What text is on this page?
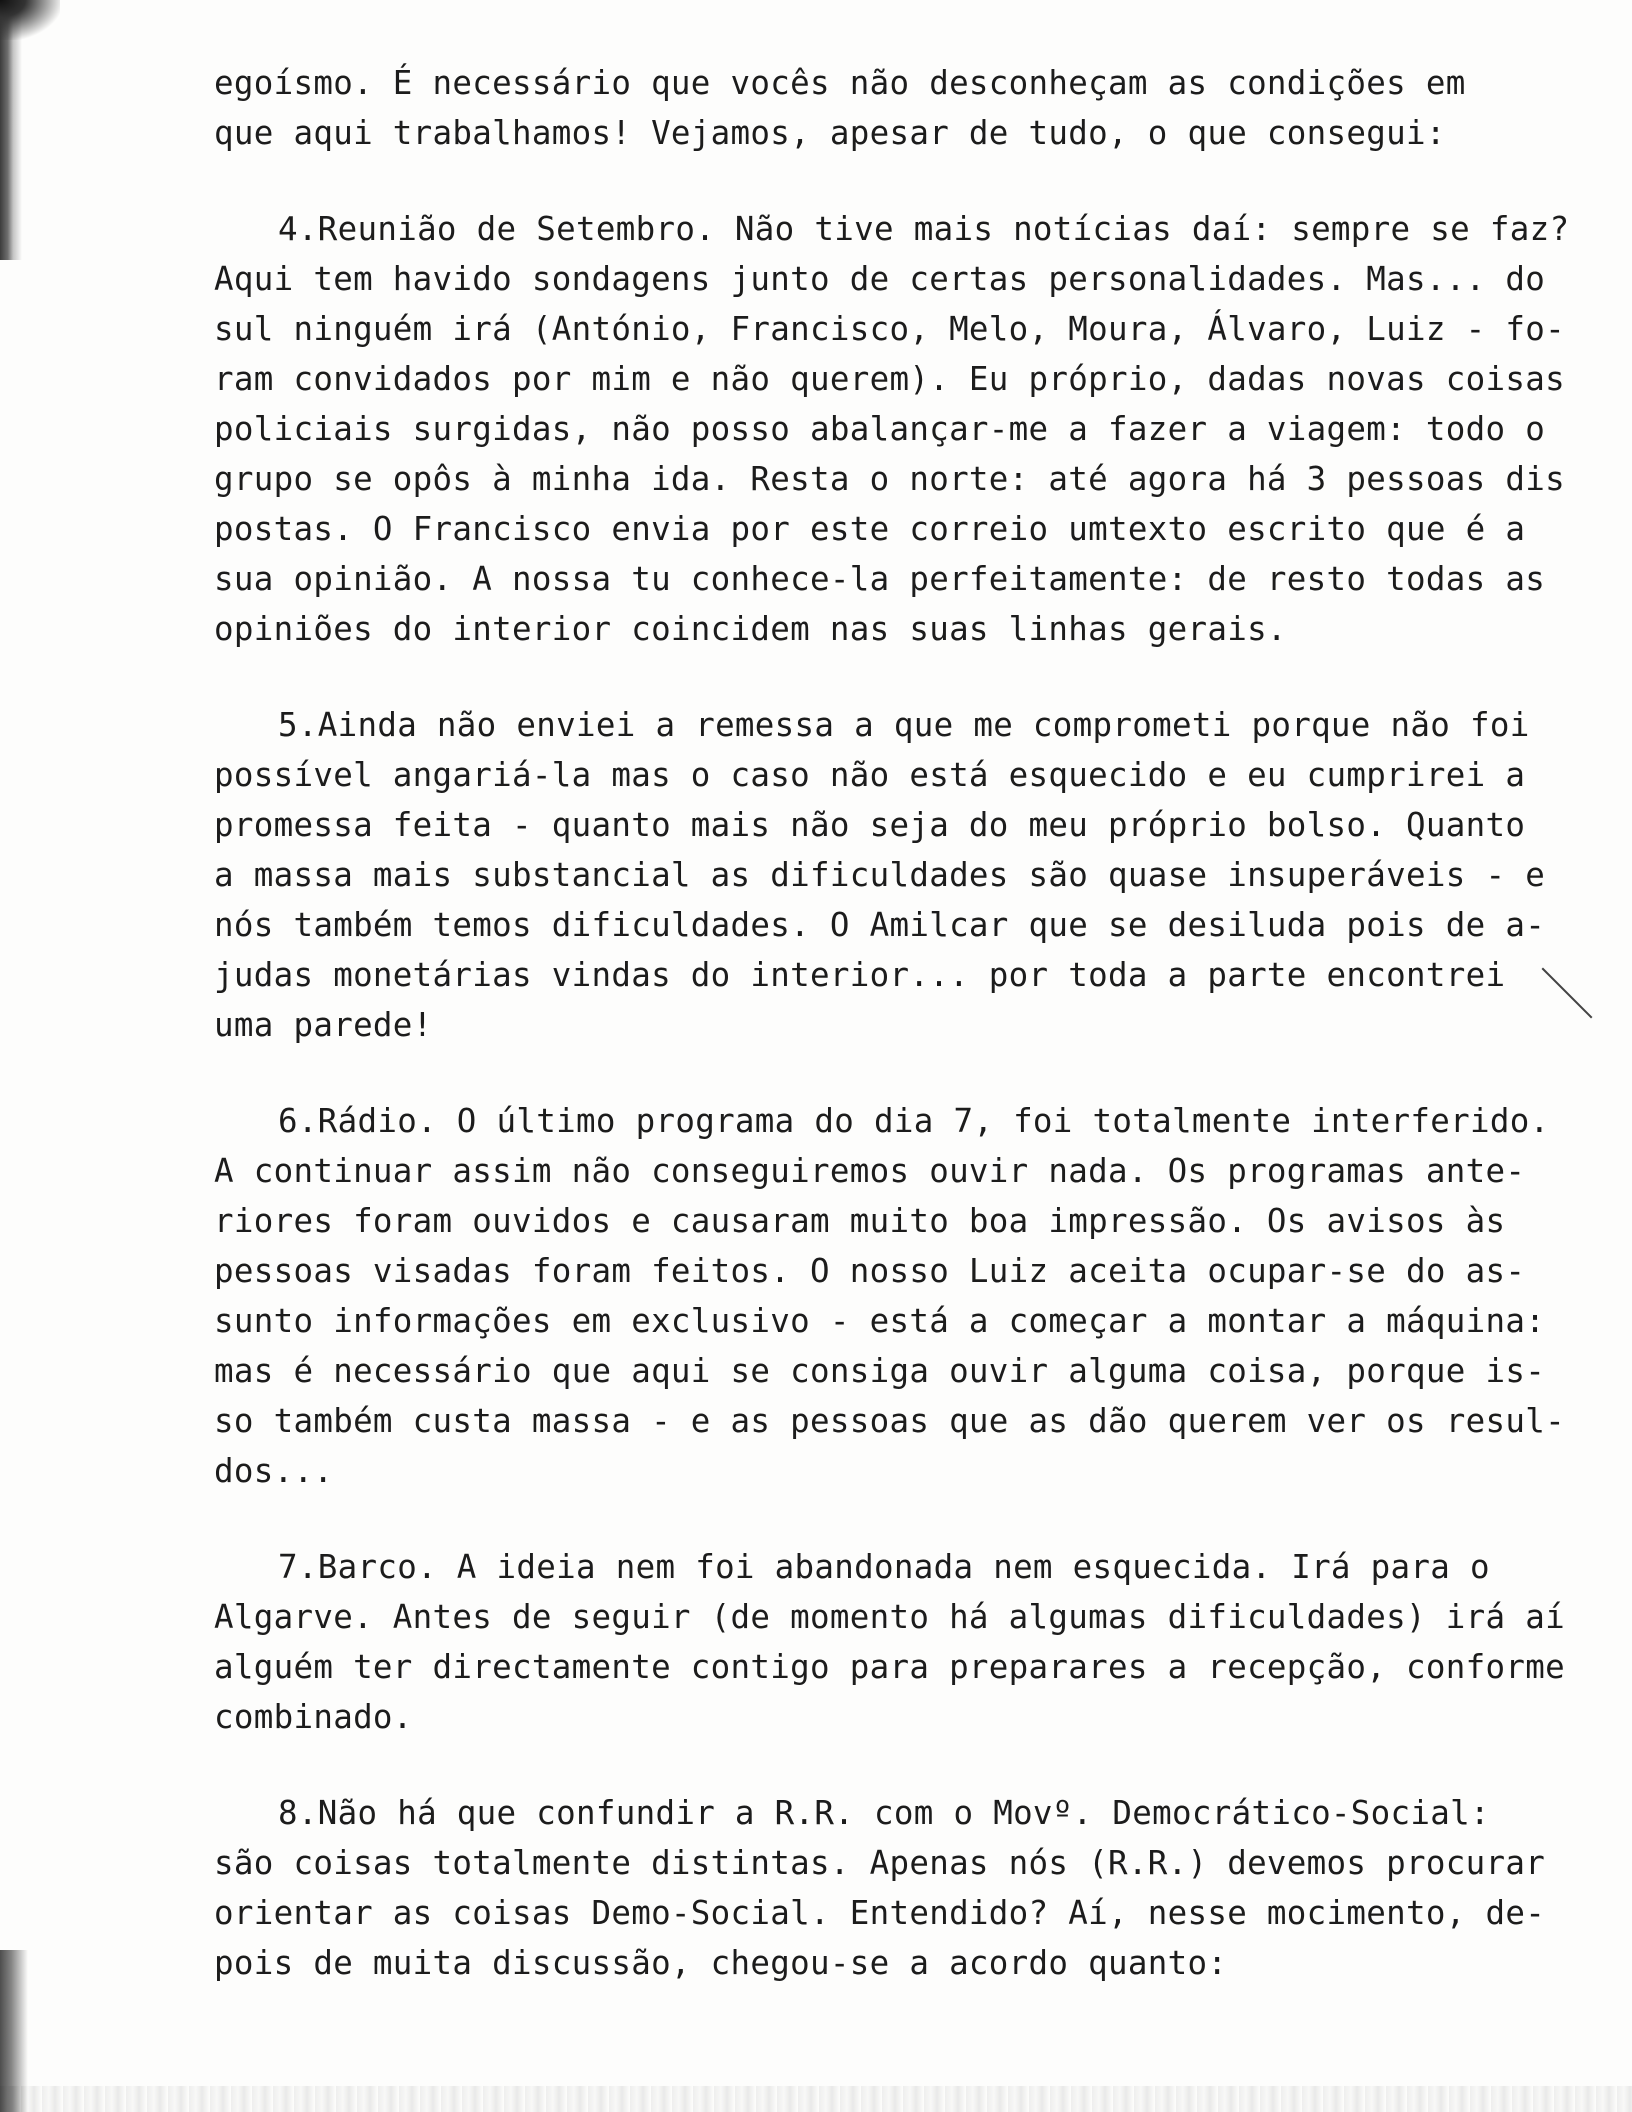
egoísmo. É necessário que vocês não desconheçam as condições em
que aqui trabalhamos! Vejamos, apesar de tudo, o que consegui:
4.Reunião de Setembro. Não tive mais notícias daí: sempre se faz?
Aqui tem havido sondagens junto de certas personalidades. Mas... do
sul ninguém irá (António, Francisco, Melo, Moura, Álvaro, Luiz - fo-
ram convidados por mim e não querem). Eu próprio, dadas novas coisas
policiais surgidas, não posso abalançar-me a fazer a viagem: todo o
grupo se opôs à minha ida. Resta o norte: até agora há 3 pessoas dis
postas. O Francisco envia por este correio umtexto escrito que é a
sua opinião. A nossa tu conhece-la perfeitamente: de resto todas as
opiniões do interior coincidem nas suas linhas gerais.
5.Ainda não enviei a remessa a que me comprometi porque não foi
possível angariá-la mas o caso não está esquecido e eu cumprirei a
promessa feita - quanto mais não seja do meu próprio bolso. Quanto
a massa mais substancial as dificuldades são quase insuperáveis - e
nós também temos dificuldades. O Amilcar que se desiluda pois de a-
judas monetárias vindas do interior... por toda a parte encontrei
uma parede!
6.Rádio. O último programa do dia 7, foi totalmente interferido.
A continuar assim não conseguiremos ouvir nada. Os programas ante-
riores foram ouvidos e causaram muito boa impressão. Os avisos às
pessoas visadas foram feitos. O nosso Luiz aceita ocupar-se do as-
sunto informações em exclusivo - está a começar a montar a máquina:
mas é necessário que aqui se consiga ouvir alguma coisa, porque is-
so também custa massa - e as pessoas que as dão querem ver os resul-
dos...
7.Barco. A ideia nem foi abandonada nem esquecida. Irá para o
Algarve. Antes de seguir (de momento há algumas dificuldades) irá aí
alguém ter directamente contigo para preparares a recepção, conforme
combinado.
8.Não há que confundir a R.R. com o Movº. Democrático-Social:
são coisas totalmente distintas. Apenas nós (R.R.) devemos procurar
orientar as coisas Demo-Social. Entendido? Aí, nesse mocimento, de-
pois de muita discussão, chegou-se a acordo quanto:
